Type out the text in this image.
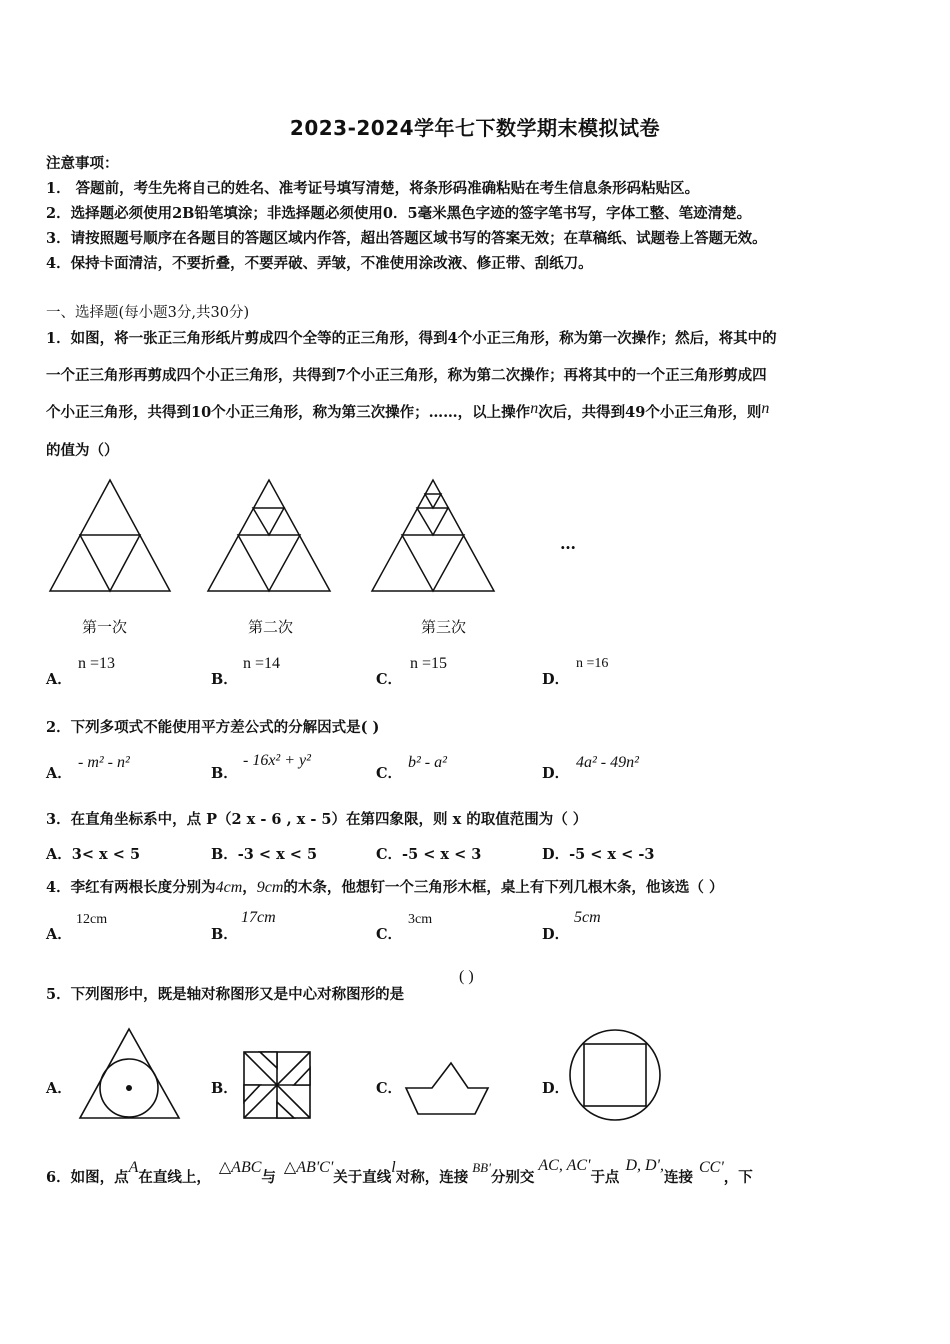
2023-2024学年七下数学期末模拟试卷
注意事项：
1． 答题前，考生先将自己的姓名、准考证号填写清楚，将条形码准确粘贴在考生信息条形码粘贴区。
2．选择题必须使用2B铅笔填涂；非选择题必须使用0．5毫米黑色字迹的签字笔书写，字体工整、笔迹清楚。
3．请按照题号顺序在各题目的答题区域内作答，超出答题区域书写的答案无效；在草稿纸、试题卷上答题无效。
4．保持卡面清洁，不要折叠，不要弄破、弄皱，不准使用涂改液、修正带、刮纸刀。
一、选择题(每小题3分,共30分)
1．如图，将一张正三角形纸片剪成四个全等的正三角形，得到4个小正三角形，称为第一次操作；然后，将其中的
一个正三角形再剪成四个小正三角形，共得到7个小正三角形，称为第二次操作；再将其中的一个正三角形剪成四
个小正三角形，共得到10个小正三角形，称为第三次操作；……，以上操作n次后，共得到49个小正三角形，则n
的值为（）
…
第一次	第二次	第三次
A．
n =13
B．
n =14
C．
n =15
D．
n =16
2．下列多项式不能使用平方差公式的分解因式是( )
A．
- m² - n²
B．
- 16x² + y²
C．
b² - a²
D．
4a² - 49n²
3．在直角坐标系中，点 P（2 x - 6 , x - 5）在第四象限，则 x 的取值范围为（ ）
A．3< x < 5	B．-3 < x < 5	C．-5 < x < 3	D．-5 < x < -3
4．李红有两根长度分别为4cm，9cm的木条，他想钉一个三角形木框，桌上有下列几根木条，他该选（ ）
A．
12cm
B．
17cm
C．
3cm
D．
5cm
5．下列图形中，既是轴对称图形又是中心对称图形的是
( )
A．	B．	C．	D．
6．如图，点A在直线上，△ABC与△AB'C'关于直线l对称，连接BB'分别交AC, AC'于点D, D',连接CC'，下
